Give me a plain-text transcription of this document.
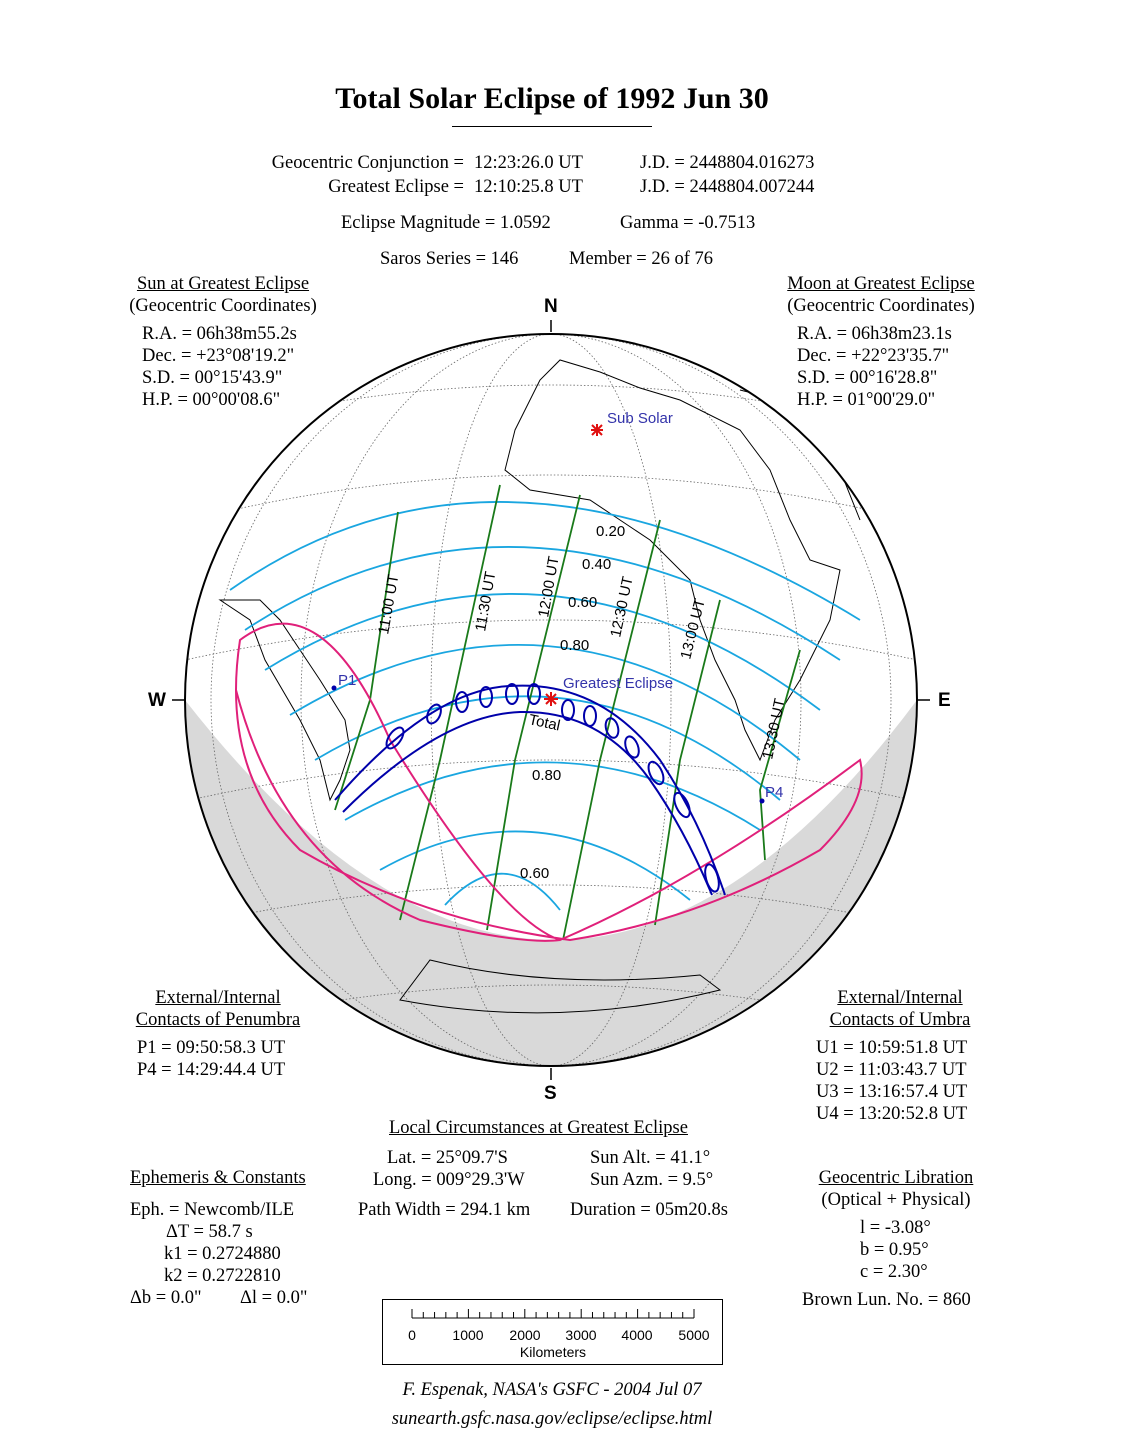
Total Solar Eclipse of 1992 Jun 30
Geocentric Conjunction = 12:23:26.0 UT	J.D. = 2448804.016273
Greatest Eclipse = 12:10:25.8 UT	J.D. = 2448804.007244
Eclipse Magnitude = 1.0592	Gamma = -0.7513
Saros Series = 146	Member = 26 of 76
Sun at Greatest Eclipse
(Geocentric Coordinates)
R.A. = 06h38m55.2s
Dec. = +23°08'19.2"
S.D. = 00°15'43.9"
H.P. = 00°00'08.6"
Moon at Greatest Eclipse
(Geocentric Coordinates)
R.A. = 06h38m23.1s
Dec. = +22°23'35.7"
S.D. = 00°16'28.8"
H.P. = 01°00'29.0"
N
S
W	E
Sub Solar
Greatest Eclipse
Total
P1
P4
0.20
0.40
0.60
0.80
0.80
0.60
11:00 UT	11:30 UT 12:00 UT	12:30 UT	13:00 UT
13:30 UT
External/Internal
Contacts of Penumbra
P1 = 09:50:58.3 UT
P4 = 14:29:44.4 UT
External/Internal
Contacts of Umbra
U1 = 10:59:51.8 UT
U2 = 11:03:43.7 UT
U3 = 13:16:57.4 UT
U4 = 13:20:52.8 UT
Local Circumstances at Greatest Eclipse
Lat. = 25°09.7'S
Long. = 009°29.3'W
Sun Alt. = 41.1°
Sun Azm. = 9.5°
Path Width = 294.1 km Duration = 05m20.8s
Ephemeris & Constants
Eph. = Newcomb/ILE
ΔT = 58.7 s
k1 = 0.2724880
k2 = 0.2722810
Δb = 0.0" Δl = 0.0"
Geocentric Libration
(Optical + Physical)
l = -3.08°
b = 0.95°
c = 2.30°
Brown Lun. No. = 860
0	1000 2000 3000 4000 5000
Kilometers
F. Espenak, NASA's GSFC - 2004 Jul 07
sunearth.gsfc.nasa.gov/eclipse/eclipse.html
